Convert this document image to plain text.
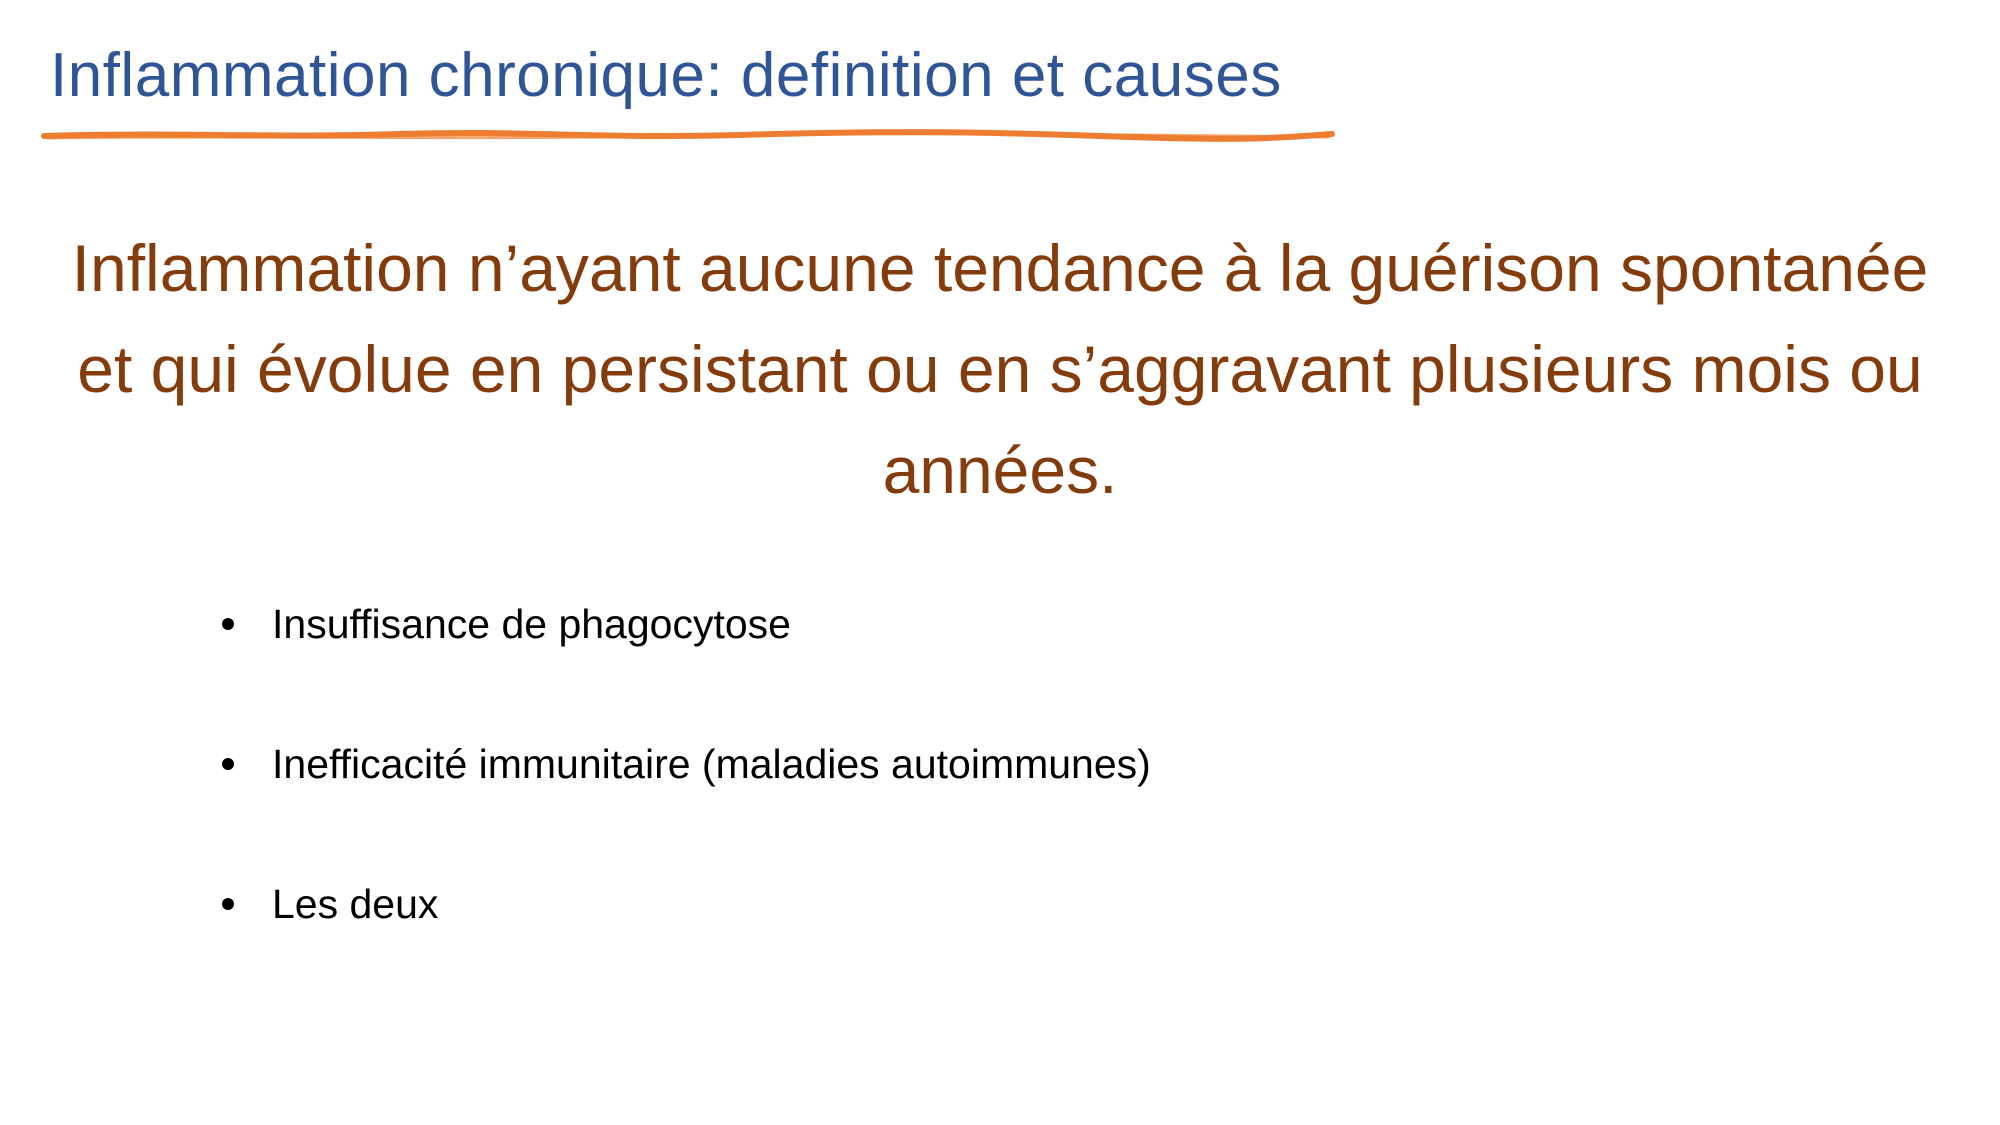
Inflammation chronique: definition et causes

Inflammation n’ayant aucune tendance à la guérison spontanée et qui évolue en persistant ou en s’aggravant plusieurs mois ou années.

Insuffisance de phagocytose
Inefficacité immunitaire (maladies autoimmunes)
Les deux
